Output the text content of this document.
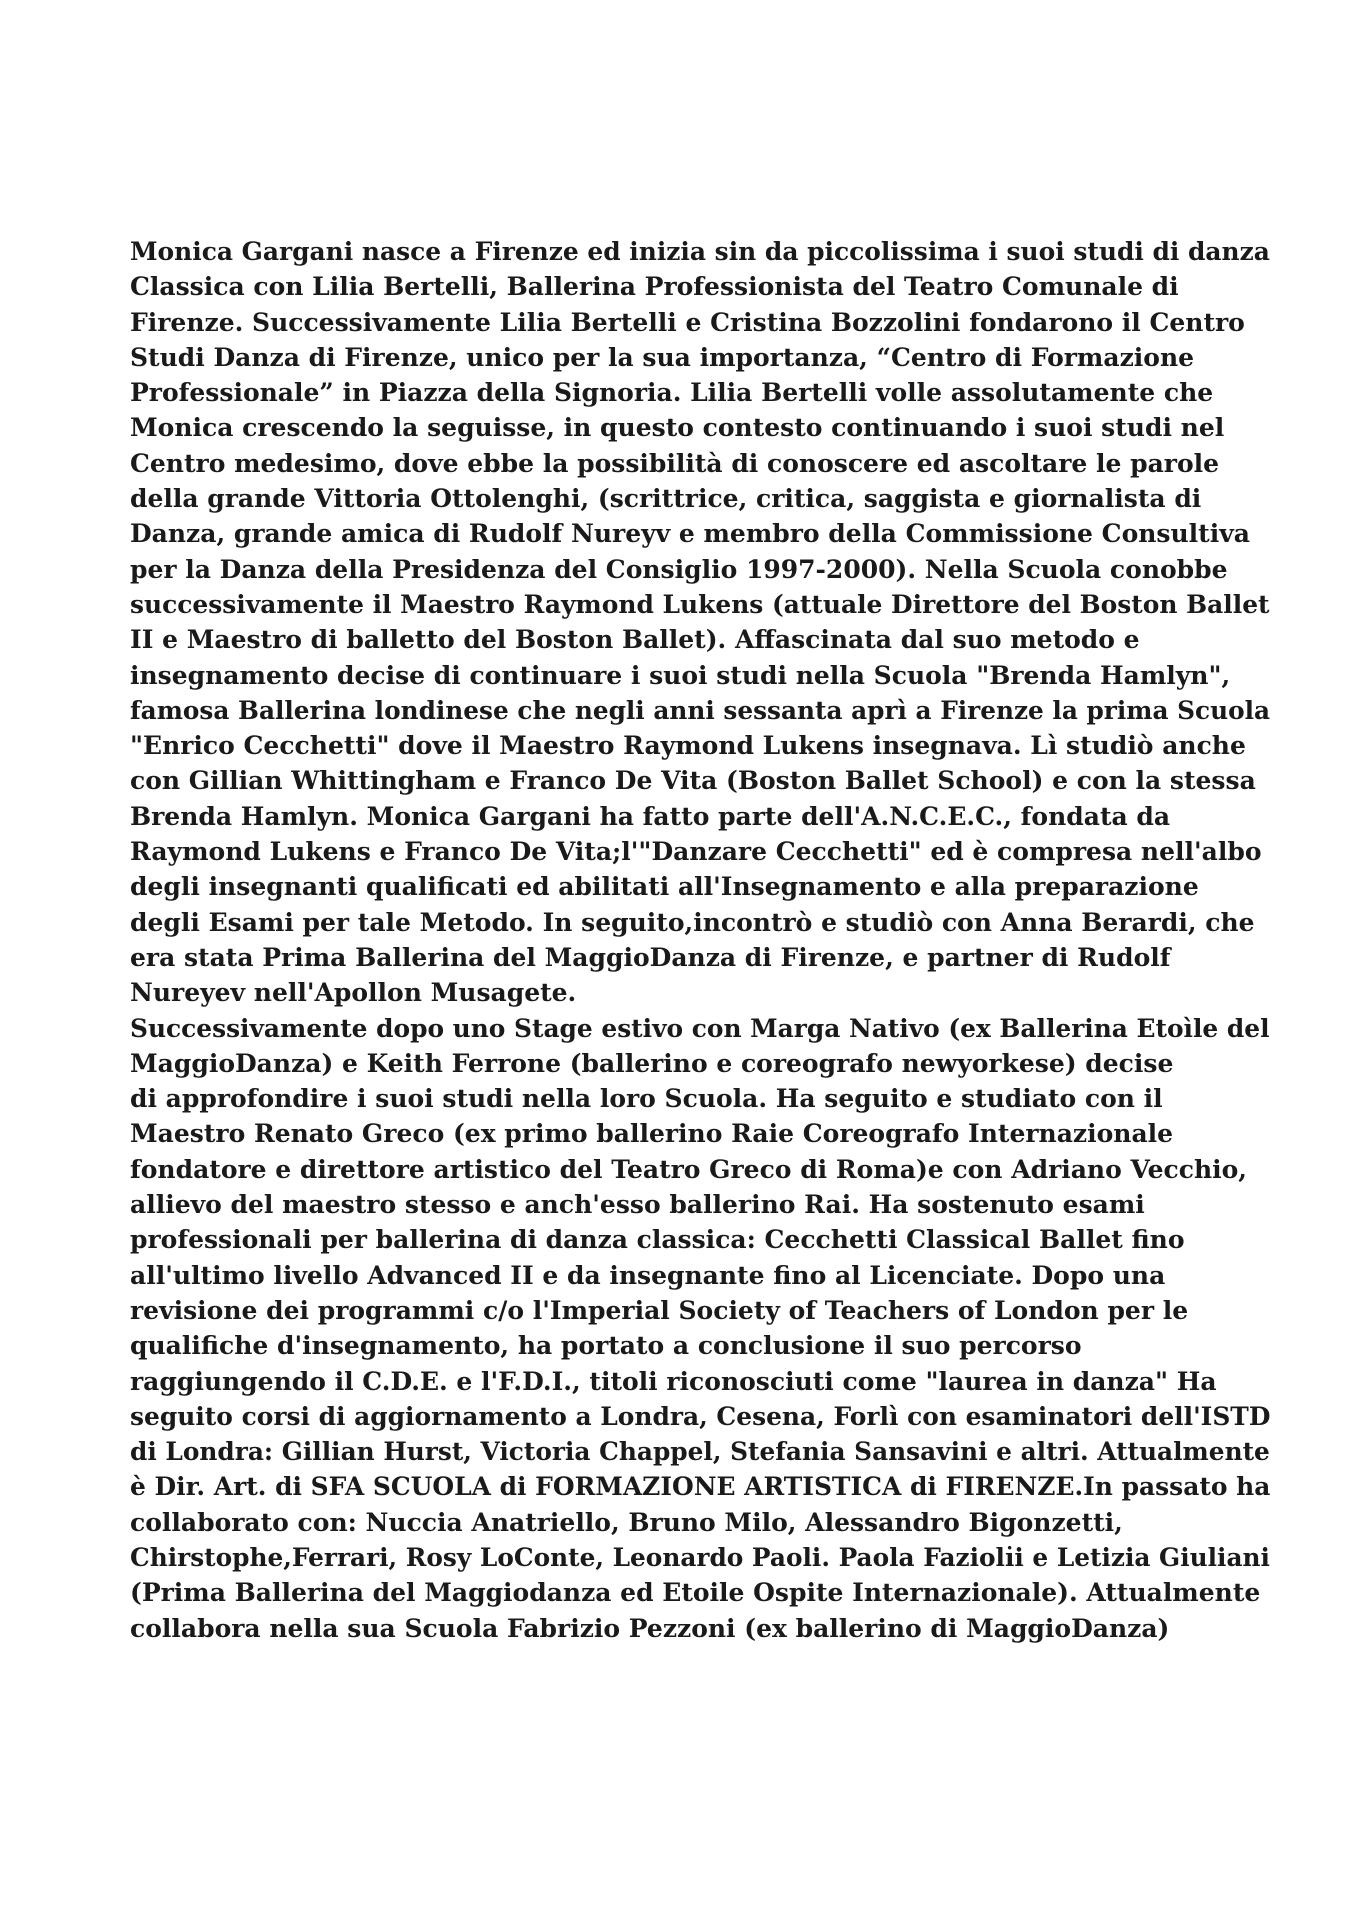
Monica Gargani nasce a Firenze ed inizia sin da piccolissima i suoi studi di danza
Classica con Lilia Bertelli, Ballerina Professionista del Teatro Comunale di
Firenze. Successivamente Lilia Bertelli e Cristina Bozzolini fondarono il Centro
Studi Danza di Firenze, unico per la sua importanza, “Centro di Formazione
Professionale” in Piazza della Signoria. Lilia Bertelli volle assolutamente che
Monica crescendo la seguisse, in questo contesto continuando i suoi studi nel
Centro medesimo, dove ebbe la possibilità di conoscere ed ascoltare le parole
della grande Vittoria Ottolenghi, (scrittrice, critica, saggista e giornalista di
Danza, grande amica di Rudolf Nureyv e membro della Commissione Consultiva
per la Danza della Presidenza del Consiglio 1997-2000). Nella Scuola conobbe
successivamente il Maestro Raymond Lukens (attuale Direttore del Boston Ballet
II e Maestro di balletto del Boston Ballet). Affascinata dal suo metodo e
insegnamento decise di continuare i suoi studi nella Scuola "Brenda Hamlyn",
famosa Ballerina londinese che negli anni sessanta aprì a Firenze la prima Scuola
"Enrico Cecchetti" dove il Maestro Raymond Lukens insegnava. Lì studiò anche
con Gillian Whittingham e Franco De Vita (Boston Ballet School) e con la stessa
Brenda Hamlyn. Monica Gargani ha fatto parte dell'A.N.C.E.C., fondata da
Raymond Lukens e Franco De Vita;l'"Danzare Cecchetti" ed è compresa nell'albo
degli insegnanti qualificati ed abilitati all'Insegnamento e alla preparazione
degli Esami per tale Metodo. In seguito,incontrò e studiò con Anna Berardi, che
era stata Prima Ballerina del MaggioDanza di Firenze, e partner di Rudolf
Nureyev nell'Apollon Musagete.
Successivamente dopo uno Stage estivo con Marga Nativo (ex Ballerina Etoìle del
MaggioDanza) e Keith Ferrone (ballerino e coreografo newyorkese) decise
di approfondire i suoi studi nella loro Scuola. Ha seguito e studiato con il
Maestro Renato Greco (ex primo ballerino Raie Coreografo Internazionale
fondatore e direttore artistico del Teatro Greco di Roma)e con Adriano Vecchio,
allievo del maestro stesso e anch'esso ballerino Rai. Ha sostenuto esami
professionali per ballerina di danza classica: Cecchetti Classical Ballet fino
all'ultimo livello Advanced II e da insegnante fino al Licenciate. Dopo una
revisione dei programmi c/o l'Imperial Society of Teachers of London per le
qualifiche d'insegnamento, ha portato a conclusione il suo percorso
raggiungendo il C.D.E. e l'F.D.I., titoli riconosciuti come "laurea in danza" Ha
seguito corsi di aggiornamento a Londra, Cesena, Forlì con esaminatori dell'ISTD
di Londra: Gillian Hurst, Victoria Chappel, Stefania Sansavini e altri. Attualmente
è Dir. Art. di SFA SCUOLA di FORMAZIONE ARTISTICA di FIRENZE.In passato ha
collaborato con: Nuccia Anatriello, Bruno Milo, Alessandro Bigonzetti,
Chirstophe,Ferrari, Rosy LoConte, Leonardo Paoli. Paola Fazioli̇i e Letizia Giuliani
(Prima Ballerina del Maggiodanza ed Etoile Ospite Internazionale). Attualmente
collabora nella sua Scuola Fabrizio Pezzoni (ex ballerino di MaggioDanza)
